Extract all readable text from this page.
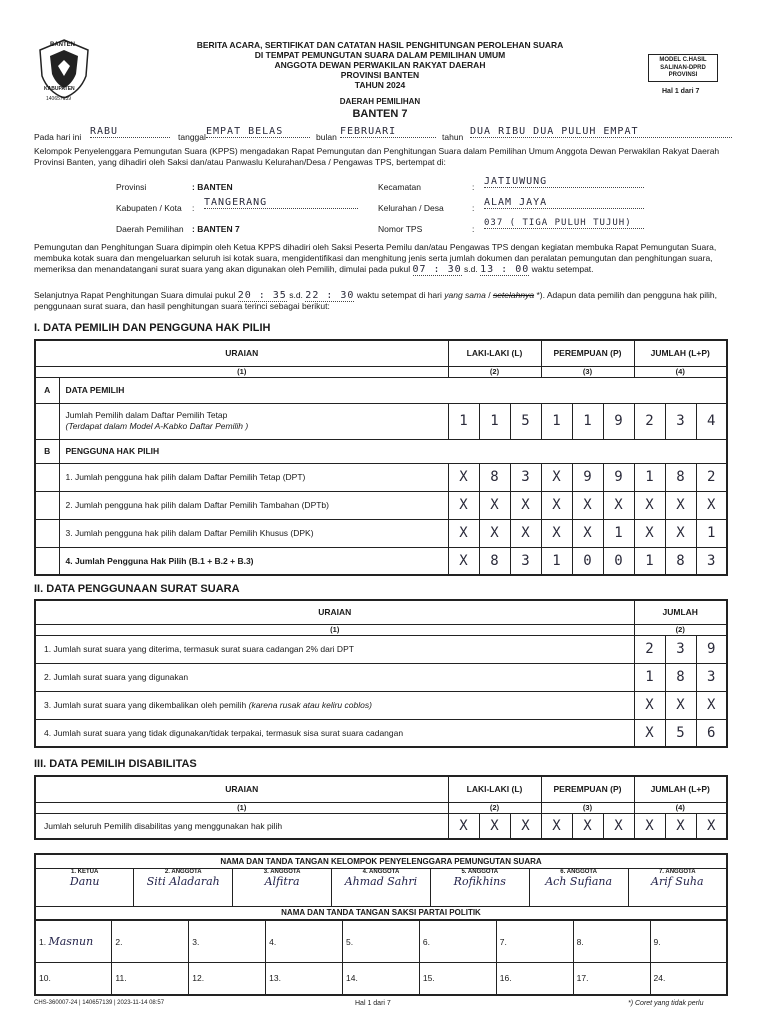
BANTEN
KABUPATEN
140657139
BERITA ACARA, SERTIFIKAT DAN CATATAN HASIL PENGHITUNGAN PEROLEHAN SUARA
DI TEMPAT PEMUNGUTAN SUARA DALAM PEMILIHAN UMUM
ANGGOTA DEWAN PERWAKILAN RAKYAT DAERAH
PROVINSI BANTEN
TAHUN 2024
DAERAH PEMILIHAN
BANTEN 7
MODEL C.HASIL
SALINAN-DPRD
PROVINSI
Hal 1 dari 7
Pada hari ini RABU	tanggal EMPAT BELAS	bulan FEBRUARI	tahun DUA RIBU DUA PULUH EMPAT
Kelompok Penyelenggara Pemungutan Suara (KPPS) mengadakan Rapat Pemungutan dan Penghitungan Suara dalam Pemilihan Umum Anggota Dewan Perwakilan Rakyat Daerah Provinsi Banten, yang dihadiri oleh Saksi dan/atau Panwaslu Kelurahan/Desa / Pengawas TPS, bertempat di:
Provinsi	: BANTEN
Kabupaten / Kota : TANGERANG
Daerah Pemilihan : BANTEN 7
Kecamatan	: JATIUWUNG
Kelurahan / Desa	: ALAM JAYA
Nomor TPS	:
037 ( TIGA PULUH TUJUH)
Pemungutan dan Penghitungan Suara dipimpin oleh Ketua KPPS dihadiri oleh Saksi Peserta Pemilu dan/atau Pengawas TPS dengan kegiatan membuka Rapat Pemungutan Suara, membuka kotak suara dan mengeluarkan seluruh isi kotak suara, mengidentifikasi dan menghitung jenis serta jumlah dokumen dan peralatan pemungutan dan penghitungan suara, memeriksa dan menandatangani surat suara yang akan digunakan oleh Pemilih, dimulai pada pukul 07 : 30 s.d. 13 : 00 waktu setempat.
Selanjutnya Rapat Penghitungan Suara dimulai pukul 20 : 35 s.d. 22 : 30 waktu setempat di hari yang sama / setelahnya *). Adapun data pemilih dan pengguna hak pilih, penggunaan surat suara, dan hasil penghitungan suara terinci sebagai berikut:
I. DATA PEMILIH DAN PENGGUNA HAK PILIH
URAIAN		LAKI-LAKI (L)			PEREMPUAN (P)			JUMLAH (L+P)		
(1)		(2)			(3)			(4)		
A	DATA PEMILIH									

	Jumlah Pemilih dalam Daftar Pemilih Tetap
(Terdapat dalam Model A-Kabko Daftar Pemilih )	1	1	5	1	1	9	2	3	4
B	PENGGUNA HAK PILIH									
	1. Jumlah pengguna hak pilih dalam Daftar Pemilih Tetap (DPT)	X	8	3	X	9	9	1	8	2
	2. Jumlah pengguna hak pilih dalam Daftar Pemilih Tambahan (DPTb)	X	X	X	X	X	X	X	X	X
	3. Jumlah pengguna hak pilih dalam Daftar Pemilih Khusus (DPK)	X	X	X	X	X	1	X	X	1
	4. Jumlah Pengguna Hak Pilih (B.1 + B.2 + B.3)	X	8	3	1	0	0	1	8	3
II. DATA PENGGUNAAN SURAT SUARA
URAIAN	JUMLAH		
(1)	(2)		
1. Jumlah surat suara yang diterima, termasuk surat suara cadangan 2% dari DPT	2	3	9
2. Jumlah surat suara yang digunakan	1	8	3
3. Jumlah surat suara yang dikembalikan oleh pemilih (karena rusak atau keliru coblos)	X	X	X
4. Jumlah surat suara yang tidak digunakan/tidak terpakai, termasuk sisa surat suara cadangan	X	5	6
III. DATA PEMILIH DISABILITAS
URAIAN	LAKI-LAKI (L)			PEREMPUAN (P)			JUMLAH (L+P)		
(1)	(2)			(3)			(4)		
Jumlah seluruh Pemilih disabilitas yang menggunakan hak pilih	X	X	X	X	X	X	X	X	X
NAMA DAN TANDA TANGAN KELOMPOK PENYELENGGARA PEMUNGUTAN SUARA

1. KETUA
Danu

2. ANGGOTA
Siti Aladarah

3. ANGGOTA
Alfitra

4. ANGGOTA
Ahmad Sahri

5. ANGGOTA
Rofikhins

6. ANGGOTA
Ach Sufiana

7. ANGGOTA
Arif Suha

NAMA DAN TANDA TANGAN SAKSI PARTAI POLITIK
1. Masnun	2.	3.	4.	5.	6.	7.	8.	9.
10.	11.	12.	13.	14.	15.	16.	17.	24.
CHS-360007-24 | 140657139 | 2023-11-14 08:57	Hal 1 dari 7	*) Coret yang tidak perlu
